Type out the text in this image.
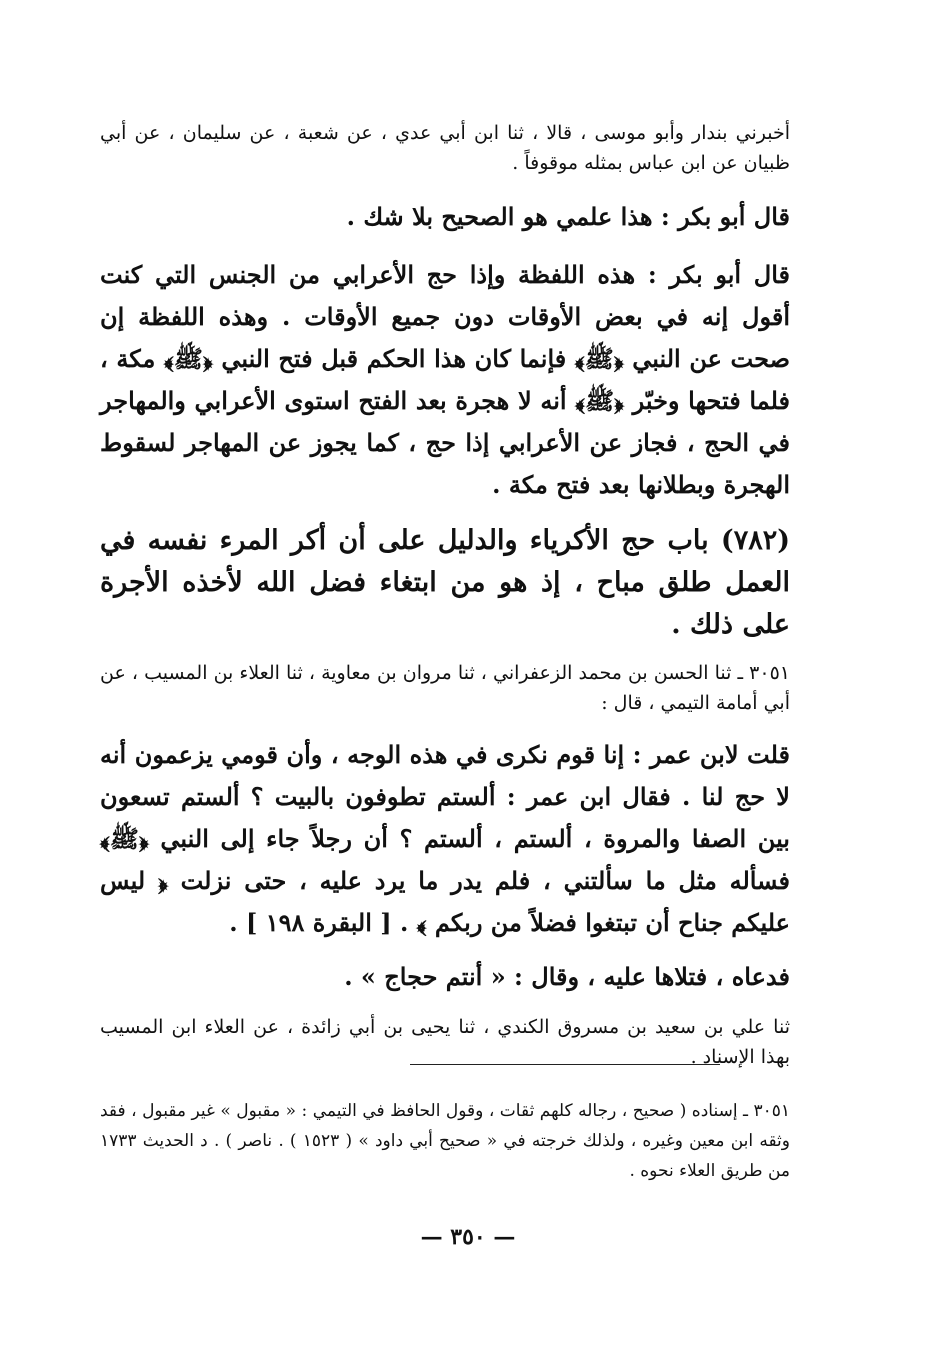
أخبرني بندار وأبو موسى ، قالا ، ثنا ابن أبي عدي ، عن شعبة ، عن سليمان ، عن أبي ظبيان عن ابن عباس بمثله موقوفاً .

قال أبو بكر : هذا علمي هو الصحيح بلا شك .

قال أبو بكر : هذه اللفظة وإذا حج الأعرابي من الجنس التي كنت أقول إنه في بعض الأوقات دون جميع الأوقات . وهذه اللفظة إن صحت عن النبي ﴿ﷺ﴾ فإنما كان هذا الحكم قبل فتح النبي ﴿ﷺ﴾ مكة ، فلما فتحها وخبّر ﴿ﷺ﴾ أنه لا هجرة بعد الفتح استوى الأعرابي والمهاجر في الحج ، فجاز عن الأعرابي إذا حج ، كما يجوز عن المهاجر لسقوط الهجرة وبطلانها بعد فتح مكة .

(٧٨٢) باب حج الأكرياء والدليل على أن أكر المرء نفسه في العمل طلق مباح ، إذ هو من ابتغاء فضل الله لأخذه الأجرة على ذلك .

٣٠٥١ ـ ثنا الحسن بن محمد الزعفراني ، ثنا مروان بن معاوية ، ثنا العلاء بن المسيب ، عن أبي أمامة التيمي ، قال :

قلت لابن عمر : إنا قوم نكرى في هذه الوجه ، وأن قومي يزعمون أنه لا حج لنا . فقال ابن عمر : ألستم تطوفون بالبيت ؟ ألستم تسعون بين الصفا والمروة ، ألستم ، ألستم ؟ أن رجلاً جاء إلى النبي ﴿ﷺ﴾ فسأله مثل ما سألتني ، فلم يدر ما يرد عليه ، حتى نزلت ﴿ ليس عليكم جناح أن تبتغوا فضلاً من ربكم ﴾ . [ البقرة ١٩٨ ] .

فدعاه ، فتلاها عليه ، وقال : « أنتم حجاج » .

ثنا علي بن سعيد بن مسروق الكندي ، ثنا يحيى بن أبي زائدة ، عن العلاء ابن المسيب بهذا الإسناد .

٣٠٥١ ـ إسناده ( صحيح ، رجاله كلهم ثقات ، وقول الحافظ في التيمي : « مقبول » غير مقبول ، فقد وثقه ابن معين وغيره ، ولذلك خرجته في « صحيح أبي داود » ( ١٥٢٣ ) . ناصر ) . د الحديث ١٧٣٣ من طريق العلاء نحوه .

— ٣٥٠ —
